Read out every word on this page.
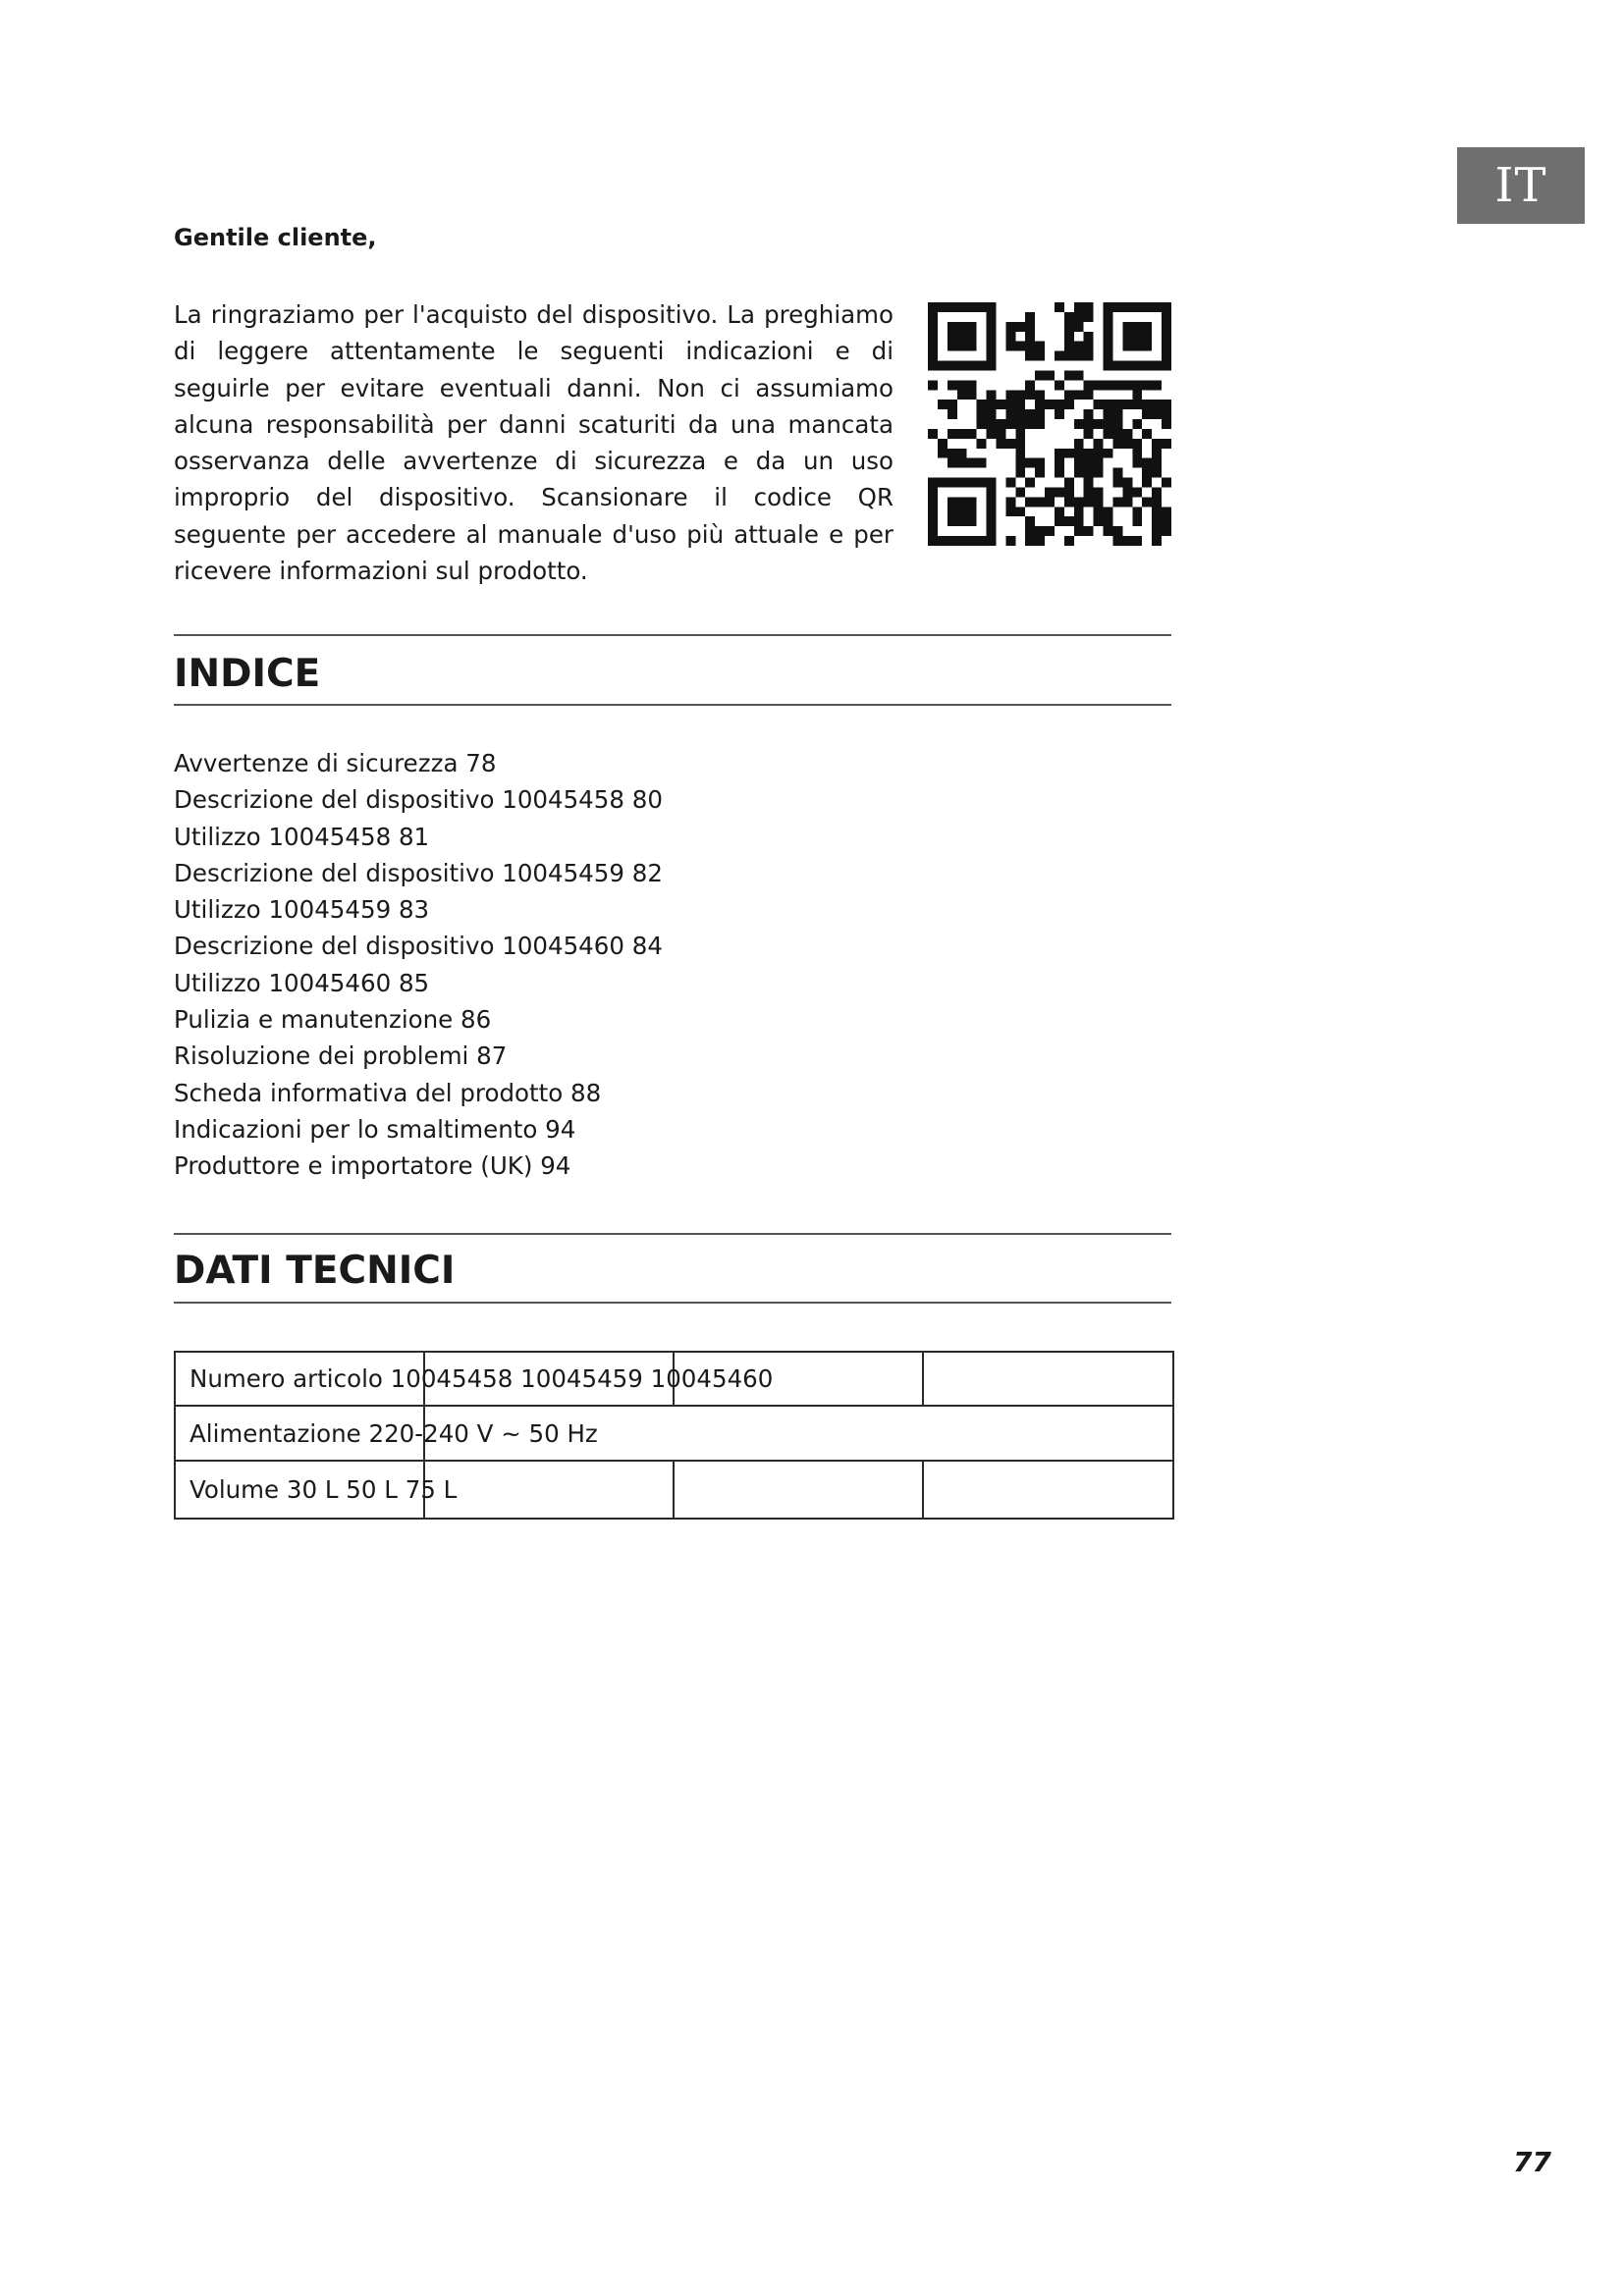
IT

Gentile cliente,

La ringraziamo per l'acquisto del dispositivo. La preghiamo di leggere attentamente le seguenti indicazioni e di seguirle per evitare eventuali danni. Non ci assumiamo alcuna responsabilità per danni scaturiti da una mancata osservanza delle avvertenze di sicurezza e da un uso improprio del dispositivo. Scansionare il codice QR seguente per accedere al manuale d'uso più attuale e per ricevere informazioni sul prodotto.

INDICE
Avvertenze di sicurezza 78
Descrizione del dispositivo 10045458 80
Utilizzo 10045458 81
Descrizione del dispositivo 10045459 82
Utilizzo 10045459 83
Descrizione del dispositivo 10045460 84
Utilizzo 10045460 85
Pulizia e manutenzione 86
Risoluzione dei problemi 87
Scheda informativa del prodotto 88
Indicazioni per lo smaltimento 94
Produttore e importatore (UK) 94
DATI TECNICI
Numero articolo 10045458 10045459 10045460			
Alimentazione 220-240 V ~ 50 Hz			
Volume 30 L 50 L 75 L			
77
